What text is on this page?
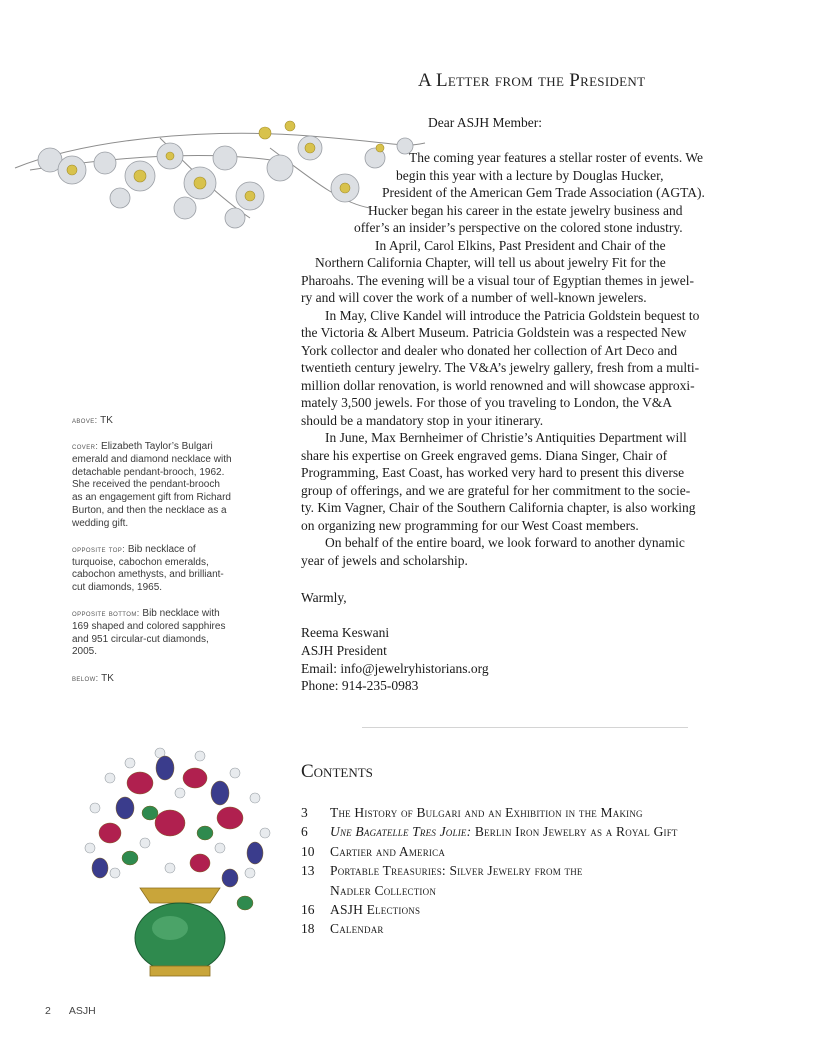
A Letter from the President
Dear ASJH Member:
The coming year features a stellar roster of events. We
begin this year with a lecture by Douglas Hucker,
President of the American Gem Trade Association (AGTA).
Hucker began his career in the estate jewelry business and
offer’s an insider’s perspective on the colored stone industry.
In April, Carol Elkins, Past President and Chair of the
Northern California Chapter, will tell us about jewelry Fit for the
Pharoahs. The evening will be a visual tour of Egyptian themes in jewel-
ry and will cover the work of a number of well-known jewelers.
In May, Clive Kandel will introduce the Patricia Goldstein bequest to
the Victoria & Albert Museum. Patricia Goldstein was a respected New
York collector and dealer who donated her collection of Art Deco and
twentieth century jewelry. The V&A’s jewelry gallery, fresh from a multi-
million dollar renovation, is world renowned and will showcase approxi-
mately 3,500 jewels. For those of you traveling to London, the V&A
should be a mandatory stop in your itinerary.
In June, Max Bernheimer of Christie’s Antiquities Department will
share his expertise on Greek engraved gems. Diana Singer, Chair of
Programming, East Coast, has worked very hard to present this diverse
group of offerings, and we are grateful for her commitment to the socie-
ty. Kim Vagner, Chair of the Southern California chapter, is also working
on organizing new programming for our West Coast members.
On behalf of the entire board, we look forward to another dynamic
year of jewels and scholarship.
Warmly,
Reema Keswani
ASJH President
Email: info@jewelryhistorians.org
Phone: 914-235-0983
Contents
3 The History of Bulgari and an Exhibition in the Making
6 Une Bagatelle Tres Jolie: Berlin Iron Jewelry as a Royal Gift
10 Cartier and America
13 Portable Treasuries: Silver Jewelry from the
Nadler Collection
16 ASJH Elections
18 Calendar

above: TK

cover: Elizabeth Taylor’s Bulgari emerald and diamond necklace with detachable pendant-brooch, 1962. She received the pendant-brooch as an engagement gift from Richard Burton, and then the necklace as a wedding gift.

opposite top: Bib necklace of turquoise, cabochon emeralds, cabochon amethysts, and brilliant-cut diamonds, 1965.

opposite bottom: Bib necklace with 169 shaped and colored sapphires and 951 circular-cut diamonds, 2005.

below: TK

2 ASJH
